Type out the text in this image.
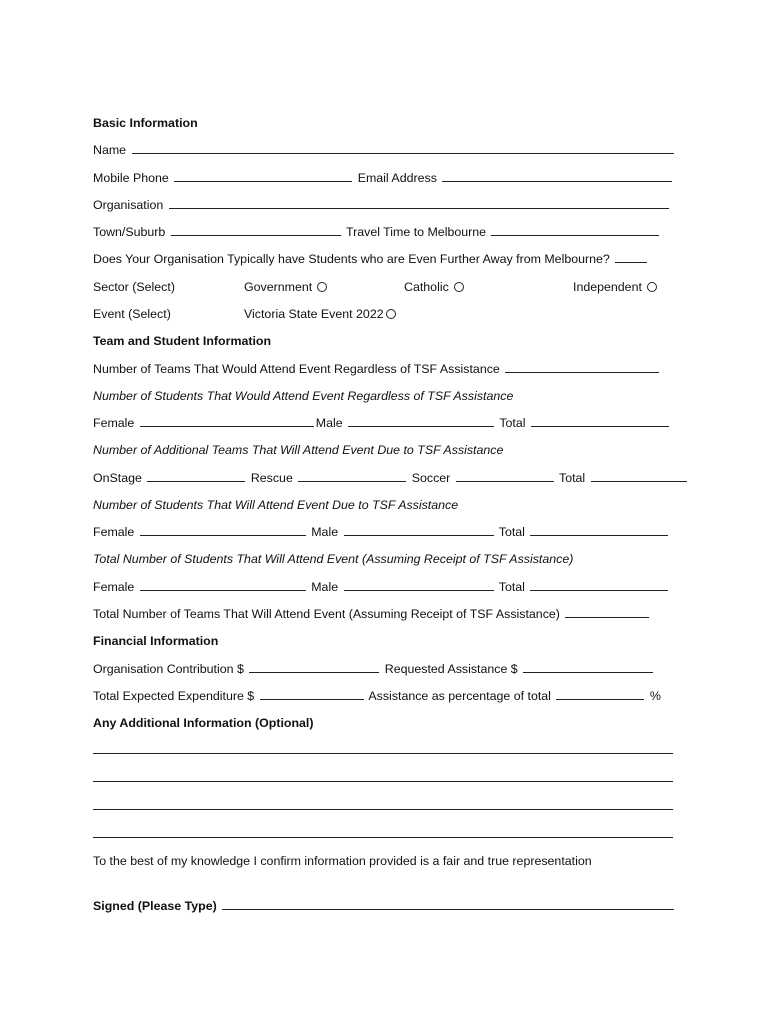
Basic Information
Name
Mobile Phone	Email Address
Organisation
Town/Suburb	Travel Time to Melbourne
Does Your Organisation Typically have Students who are Even Further Away from Melbourne?
Sector (Select)	Government	Catholic	Independent
Event (Select)	Victoria State Event 2022
Team and Student Information
Number of Teams That Would Attend Event Regardless of TSF Assistance
Number of Students That Would Attend Event Regardless of TSF Assistance
Female	Male	Total
Number of Additional Teams That Will Attend Event Due to TSF Assistance
OnStage	Rescue	Soccer	Total
Number of Students That Will Attend Event Due to TSF Assistance
Female	Male	Total
Total Number of Students That Will Attend Event (Assuming Receipt of TSF Assistance)
Female	Male	Total
Total Number of Teams That Will Attend Event (Assuming Receipt of TSF Assistance)
Financial Information
Organisation Contribution $	Requested Assistance $
Total Expected Expenditure $	Assistance as percentage of total	%
Any Additional Information (Optional)
To the best of my knowledge I confirm information provided is a fair and true representation
Signed (Please Type)
